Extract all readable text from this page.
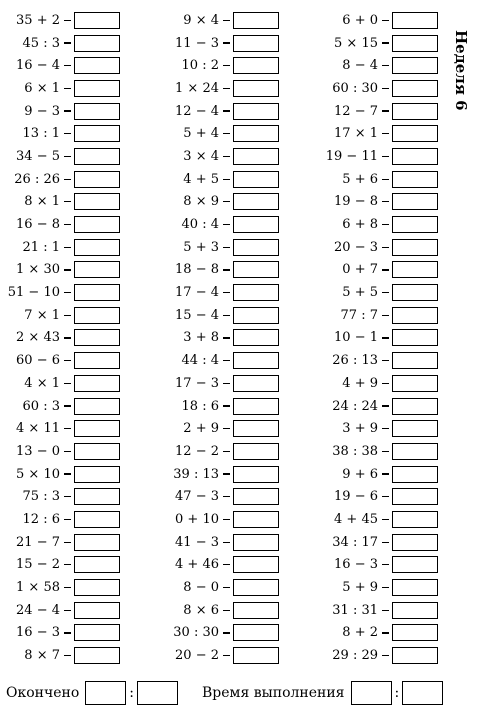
35 + 2
45 : 3
16 − 4
6 × 1
9 − 3
13 : 1
34 − 5
26 : 26
8 × 1
16 − 8
21 : 1
1 × 30
51 − 10
7 × 1
2 × 43
60 − 6
4 × 1
60 : 3
4 × 11
13 − 0
5 × 10
75 : 3
12 : 6
21 − 7
15 − 2
1 × 58
24 − 4
16 − 3
8 × 7
9 × 4
11 − 3
10 : 2
1 × 24
12 − 4
5 + 4
3 × 4
4 + 5
8 × 9
40 : 4
5 + 3
18 − 8
17 − 4
15 − 4
3 + 8
44 : 4
17 − 3
18 : 6
2 + 9
12 − 2
39 : 13
47 − 3
0 + 10
41 − 3
4 + 46
8 − 0
8 × 6
30 : 30
20 − 2
6 + 0
5 × 15
8 − 4
60 : 30
12 − 7
17 × 1
19 − 11
5 + 6
19 − 8
6 + 8
20 − 3
0 + 7
5 + 5
77 : 7
10 − 1
26 : 13
4 + 9
24 : 24
3 + 9
38 : 38
9 + 6
19 − 6
4 + 45
34 : 17
16 − 3
5 + 9
31 : 31
8 + 2
29 : 29
Неделя 6
Окончено	:	Время выполнения	:
